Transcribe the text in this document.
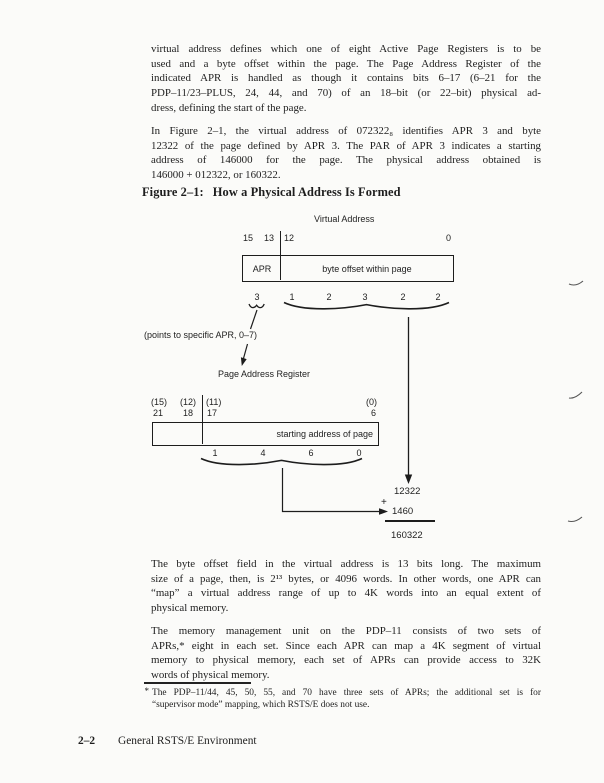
virtual address defines which one of eight Active Page Registers is to be
used and a byte offset within the page. The Page Address Register of the
indicated APR is handled as though it contains bits 6–17 (6–21 for the
PDP–11/23–PLUS, 24, 44, and 70) of an 18–bit (or 22–bit) physical ad-
dress, defining the start of the page.
In Figure 2–1, the virtual address of 072322₈ identifies APR 3 and byte
12322 of the page defined by APR 3. The PAR of APR 3 indicates a starting
address of 146000 for the page. The physical address obtained is
146000 + 012322, or 160322.
Figure 2–1: How a Physical Address Is Formed
Virtual Address
15 13 12	0
APR	byte offset within page
3	1	2	3	2	2
(points to specific APR, 0–7)
Page Address Register
(15) (12) (11)	(0)
21 18 17	6
starting address of page
1	4	6	0
12322
+
1460
160322
The byte offset field in the virtual address is 13 bits long. The maximum
size of a page, then, is 2¹³ bytes, or 4096 words. In other words, one APR can
“map” a virtual address range of up to 4K words into an equal extent of
physical memory.
The memory management unit on the PDP–11 consists of two sets of
APRs,* eight in each set. Since each APR can map a 4K segment of virtual
memory to physical memory, each set of APRs can provide access to 32K
words of physical memory.
* The PDP–11/44, 45, 50, 55, and 70 have three sets of APRs; the additional set is for
“supervisor mode” mapping, which RSTS/E does not use.
2–2 General RSTS/E Environment
